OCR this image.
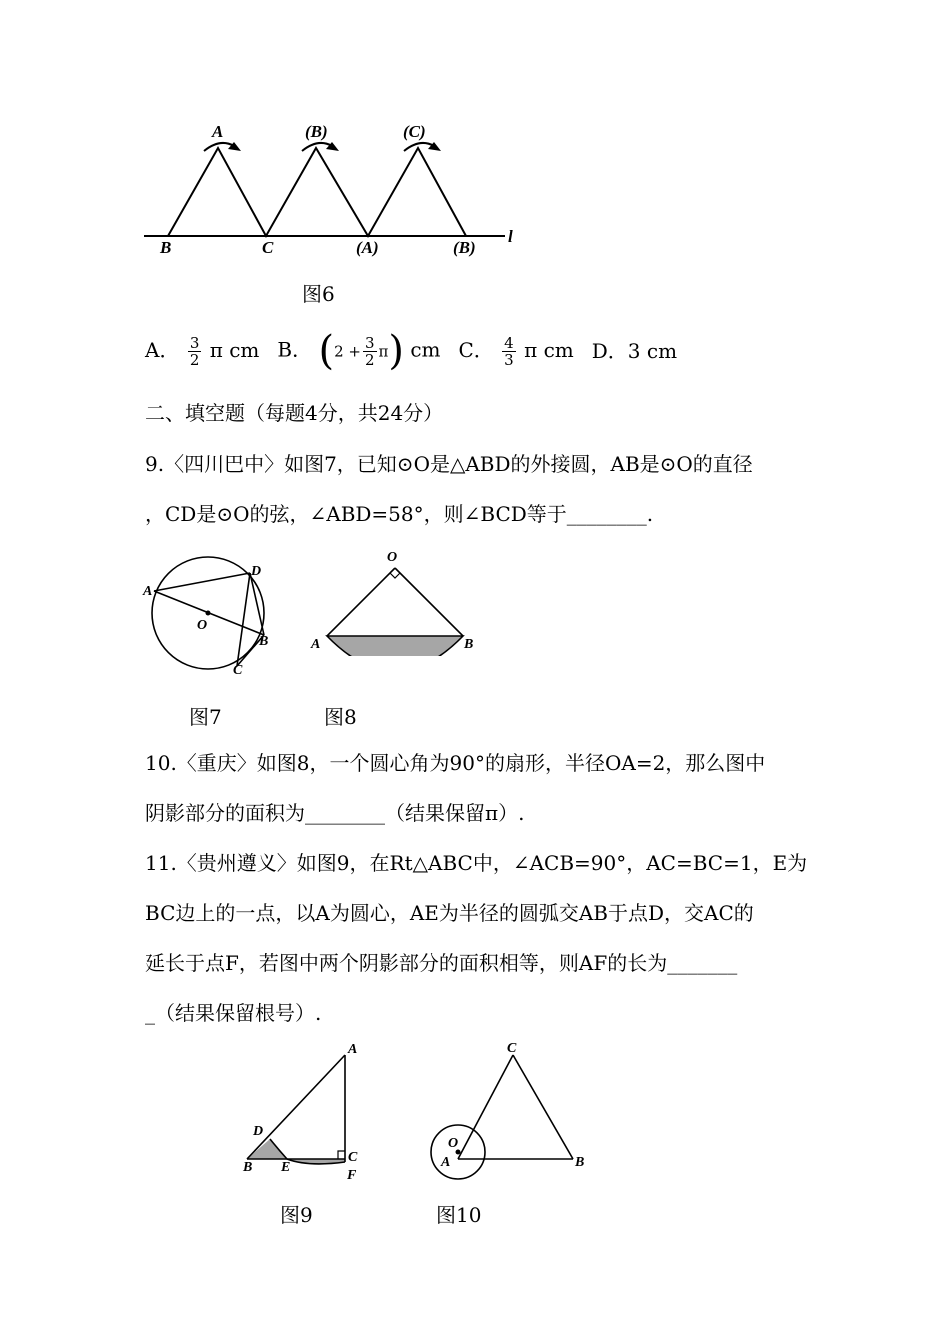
A	(B)	(C)
B	C	(A)	(B)
l
图6
A． $\frac{3}{2}$ π cm B． $(2 + \frac{3}{2} \pi)$ cm C． $\frac{4}{3}$ π cm D．3 cm
二、填空题（每题4分，共24分）
9.〈四川巴中〉如图7，已知⊙O是△ABD的外接圆，AB是⊙O的直径
，CD是⊙O的弦，∠ABD=58°，则∠BCD等于________.
A
D
O
B
C
图7
O
A	B
图8
10.〈重庆〉如图8，一个圆心角为90°的扇形，半径OA=2，那么图中
阴影部分的面积为________（结果保留π）.
11.〈贵州遵义〉如图9，在Rt△ABC中，∠ACB=90°，AC=BC=1，E为
BC边上的一点，以A为圆心，AE为半径的圆弧交AB于点D，交AC的
延长于点F，若图中两个阴影部分的面积相等，则AF的长为_______
_（结果保留根号）.
A
D
C
B E
F
图9
C
O
A	B
图10
